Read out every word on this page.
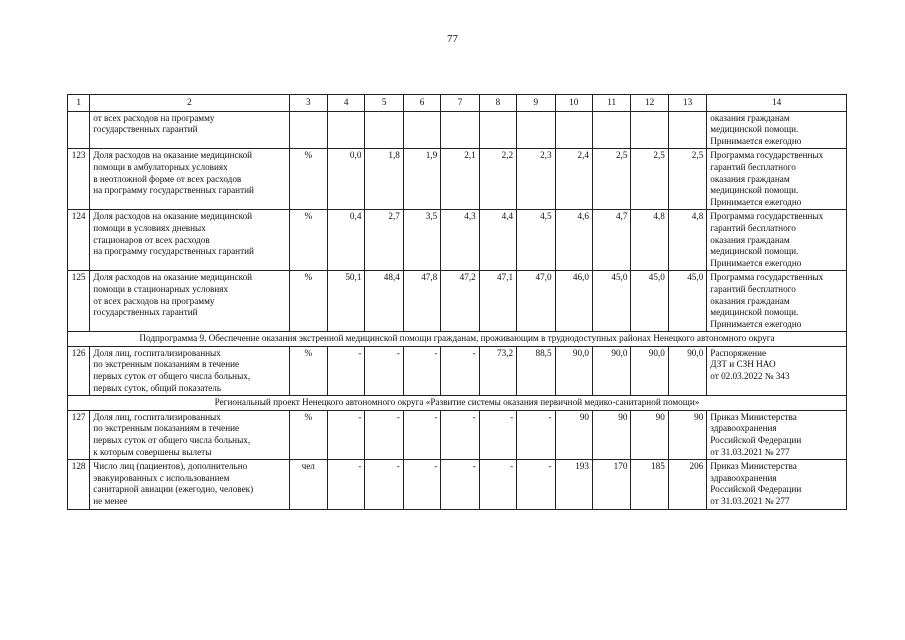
77
1	2	3	4	5	6	7	8	9	10	11	12	13	14
	от всех расходов на программу
государственных гарантий												оказания гражданам
медицинской помощи.
Принимается ежегодно
123	Доля расходов на оказание медицинской
помощи в амбулаторных условиях
в неотложной форме от всех расходов
на программу государственных гарантий	%	0,0	1,8	1,9	2,1	2,2	2,3	2,4	2,5	2,5	2,5	Программа государственных
гарантий бесплатного
оказания гражданам
медицинской помощи.
Принимается ежегодно
124	Доля расходов на оказание медицинской
помощи в условиях дневных
стационаров от всех расходов
на программу государственных гарантий	%	0,4	2,7	3,5	4,3	4,4	4,5	4,6	4,7	4,8	4,8	Программа государственных
гарантий бесплатного
оказания гражданам
медицинской помощи.
Принимается ежегодно
125	Доля расходов на оказание медицинской
помощи в стационарных условиях
от всех расходов на программу
государственных гарантий	%	50,1	48,4	47,8	47,2	47,1	47,0	46,0	45,0	45,0	45,0	Программа государственных
гарантий бесплатного
оказания гражданам
медицинской помощи.
Принимается ежегодно
Подпрограмма 9. Обеспечение оказания экстренной медицинской помощи гражданам, проживающим в труднодоступных районах Ненецкого автономного округа													
126	Доля лиц, госпитализированных
по экстренным показаниям в течение
первых суток от общего числа больных,
первых суток, общий показатель	%	-	-	-	-	73,2	88,5	90,0	90,0	90,0	90,0	Распоряжение
ДЗТ и СЗН НАО
от 02.03.2022 № 343
Региональный проект Ненецкого автономного округа «Развитие системы оказания первичной медико-санитарной помощи»													
127	Доля лиц, госпитализированных
по экстренным показаниям в течение
первых суток от общего числа больных,
к которым совершены вылеты	%	-	-	-	-	-	-	90	90	90	90	Приказ Министерства
здравоохранения
Российской Федерации
от 31.03.2021 № 277
128	Число лиц (пациентов), дополнительно
эвакуированных с использованием
санитарной авиации (ежегодно, человек)
не менее	чел	-	-	-	-	-	-	193	170	185	206	Приказ Министерства
здравоохранения
Российской Федерации
от 31.03.2021 № 277
